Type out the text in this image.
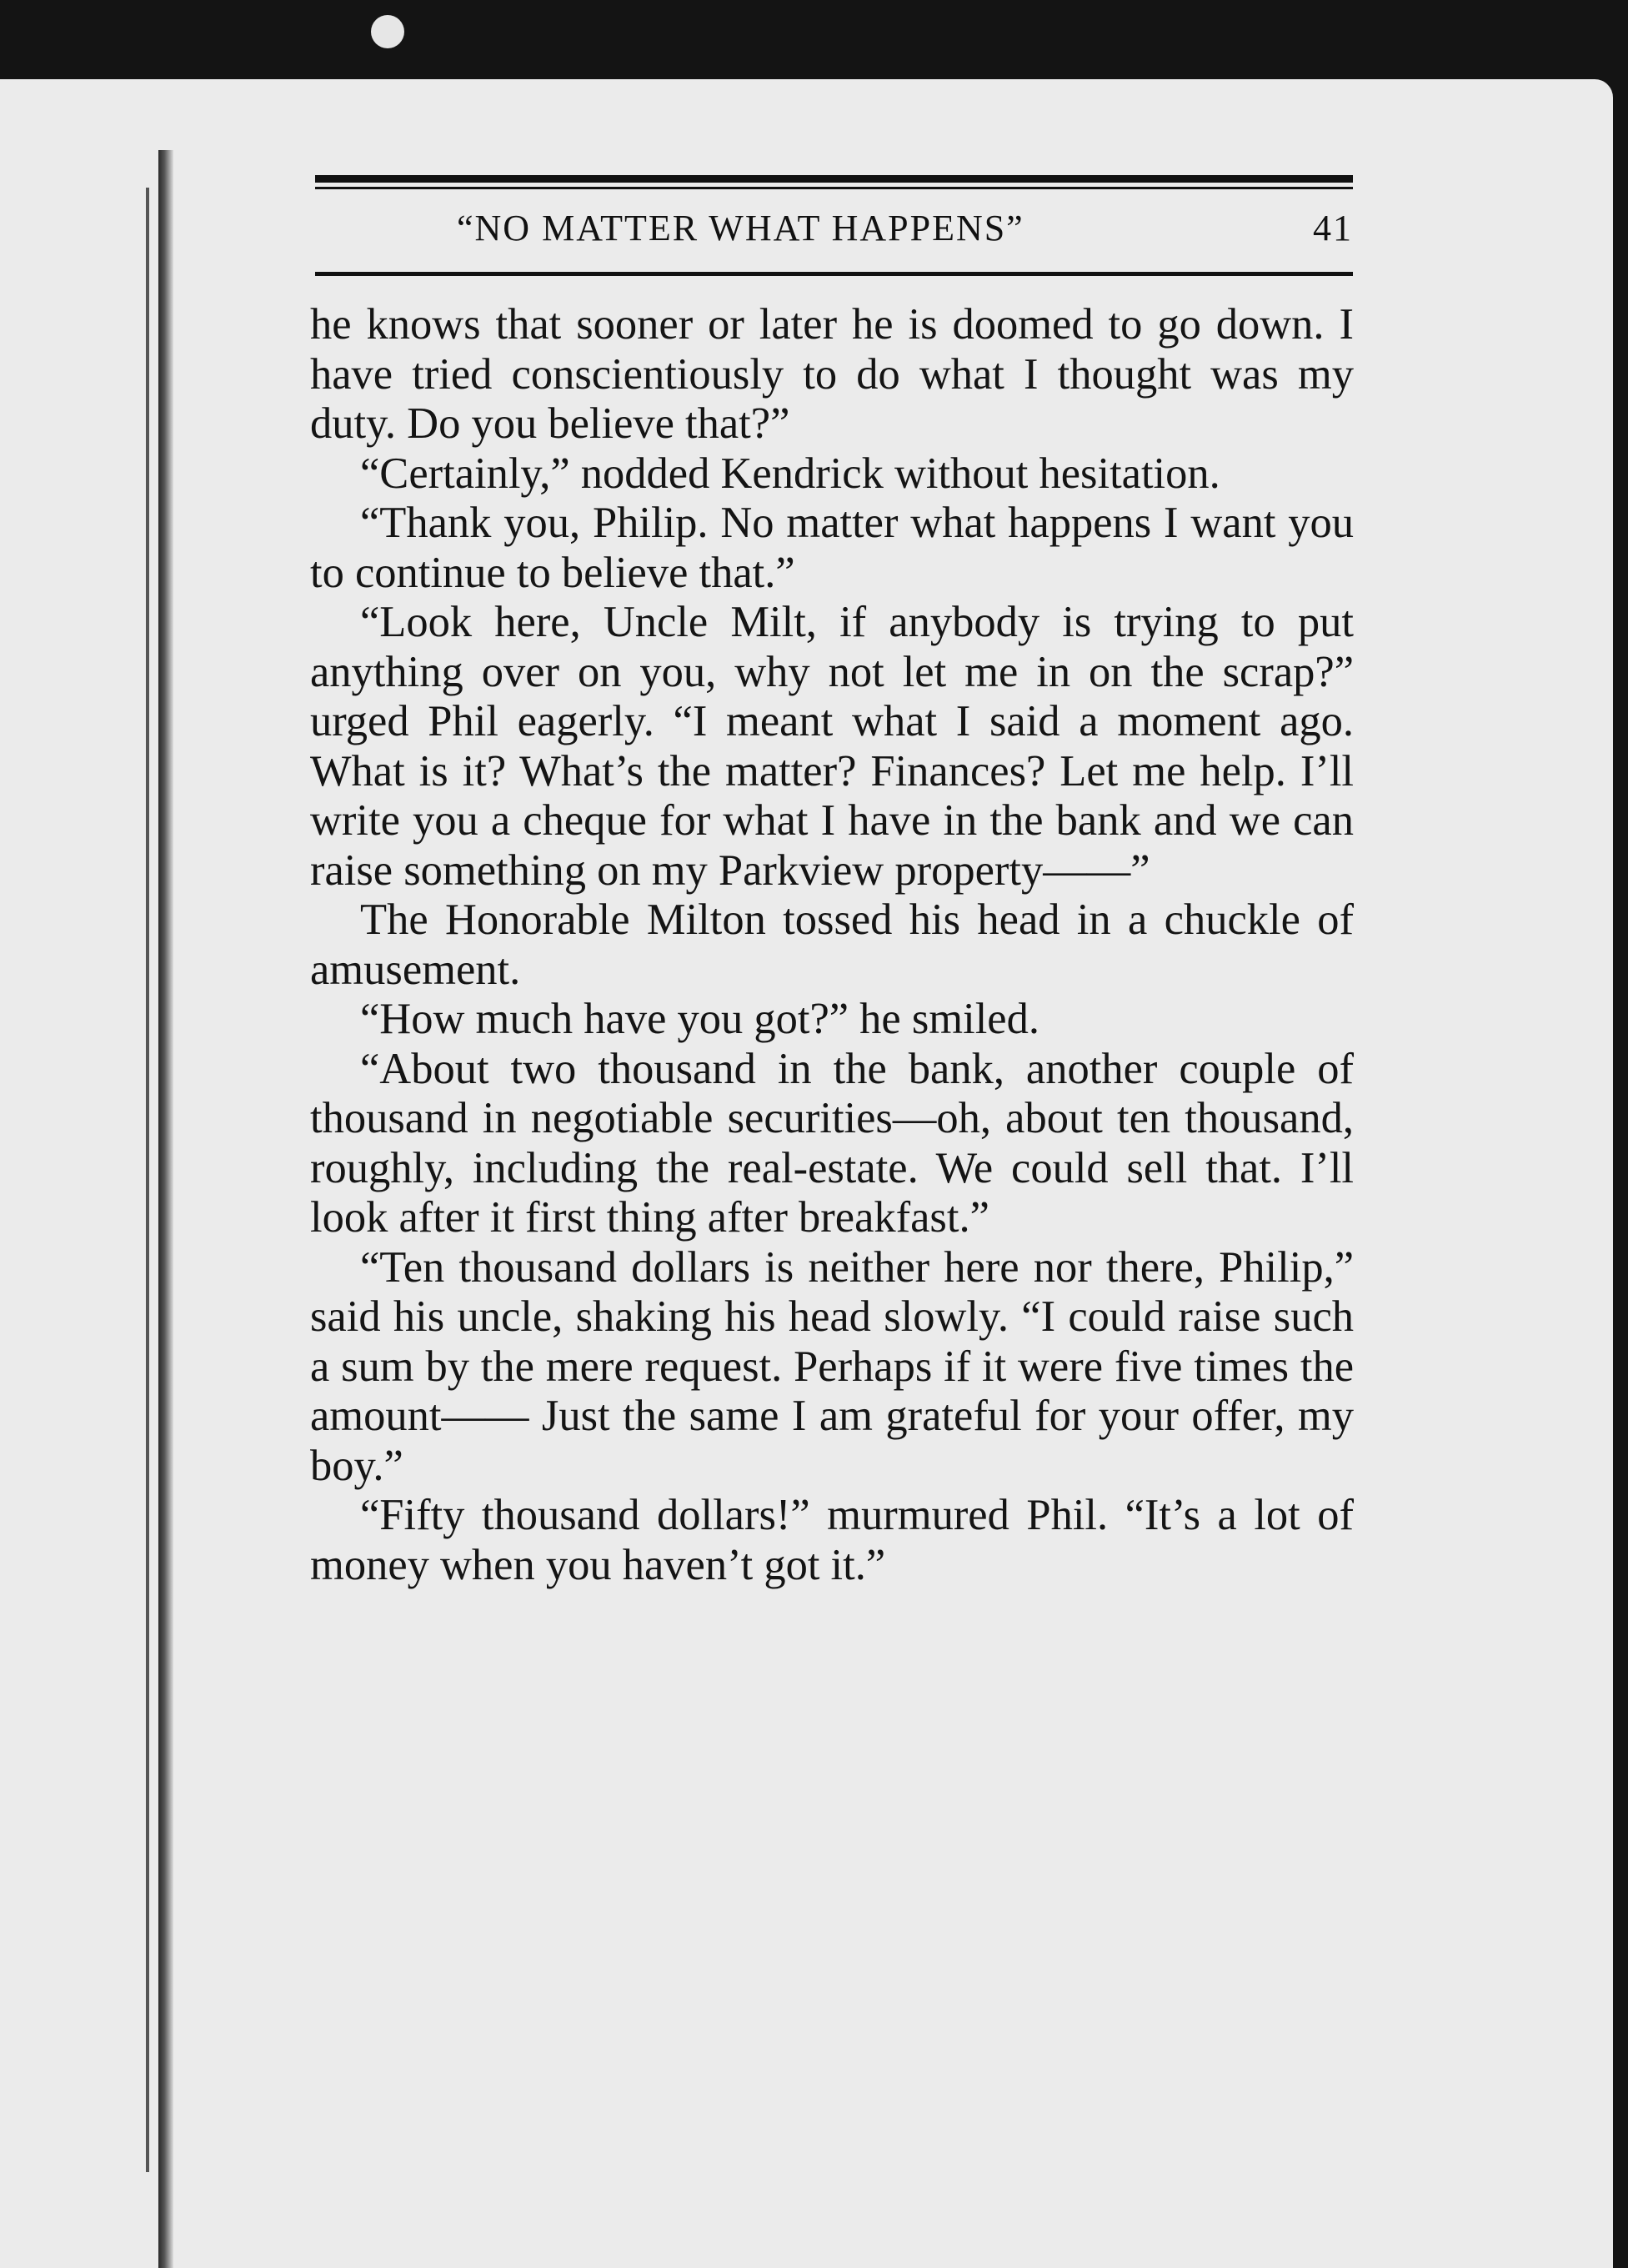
“NO MATTER WHAT HAPPENS”	41

he knows that sooner or later he is doomed to go down. I have tried conscientiously to do what I thought was my duty. Do you believe that?”

“Certainly,” nodded Kendrick without hesitation.

“Thank you, Philip. No matter what happens I want you to continue to believe that.”

“Look here, Uncle Milt, if anybody is trying to put anything over on you, why not let me in on the scrap?” urged Phil eagerly. “I meant what I said a moment ago. What is it? What’s the matter? Finances? Let me help. I’ll write you a cheque for what I have in the bank and we can raise something on my Parkview property——”

The Honorable Milton tossed his head in a chuckle of amusement.

“How much have you got?” he smiled.

“About two thousand in the bank, another couple of thousand in negotiable securities—oh, about ten thousand, roughly, including the real-estate. We could sell that. I’ll look after it first thing after breakfast.”

“Ten thousand dollars is neither here nor there, Philip,” said his uncle, shaking his head slowly. “I could raise such a sum by the mere request. Perhaps if it were five times the amount—— Just the same I am grateful for your offer, my boy.”

“Fifty thousand dollars!” murmured Phil. “It’s a lot of money when you haven’t got it.”
